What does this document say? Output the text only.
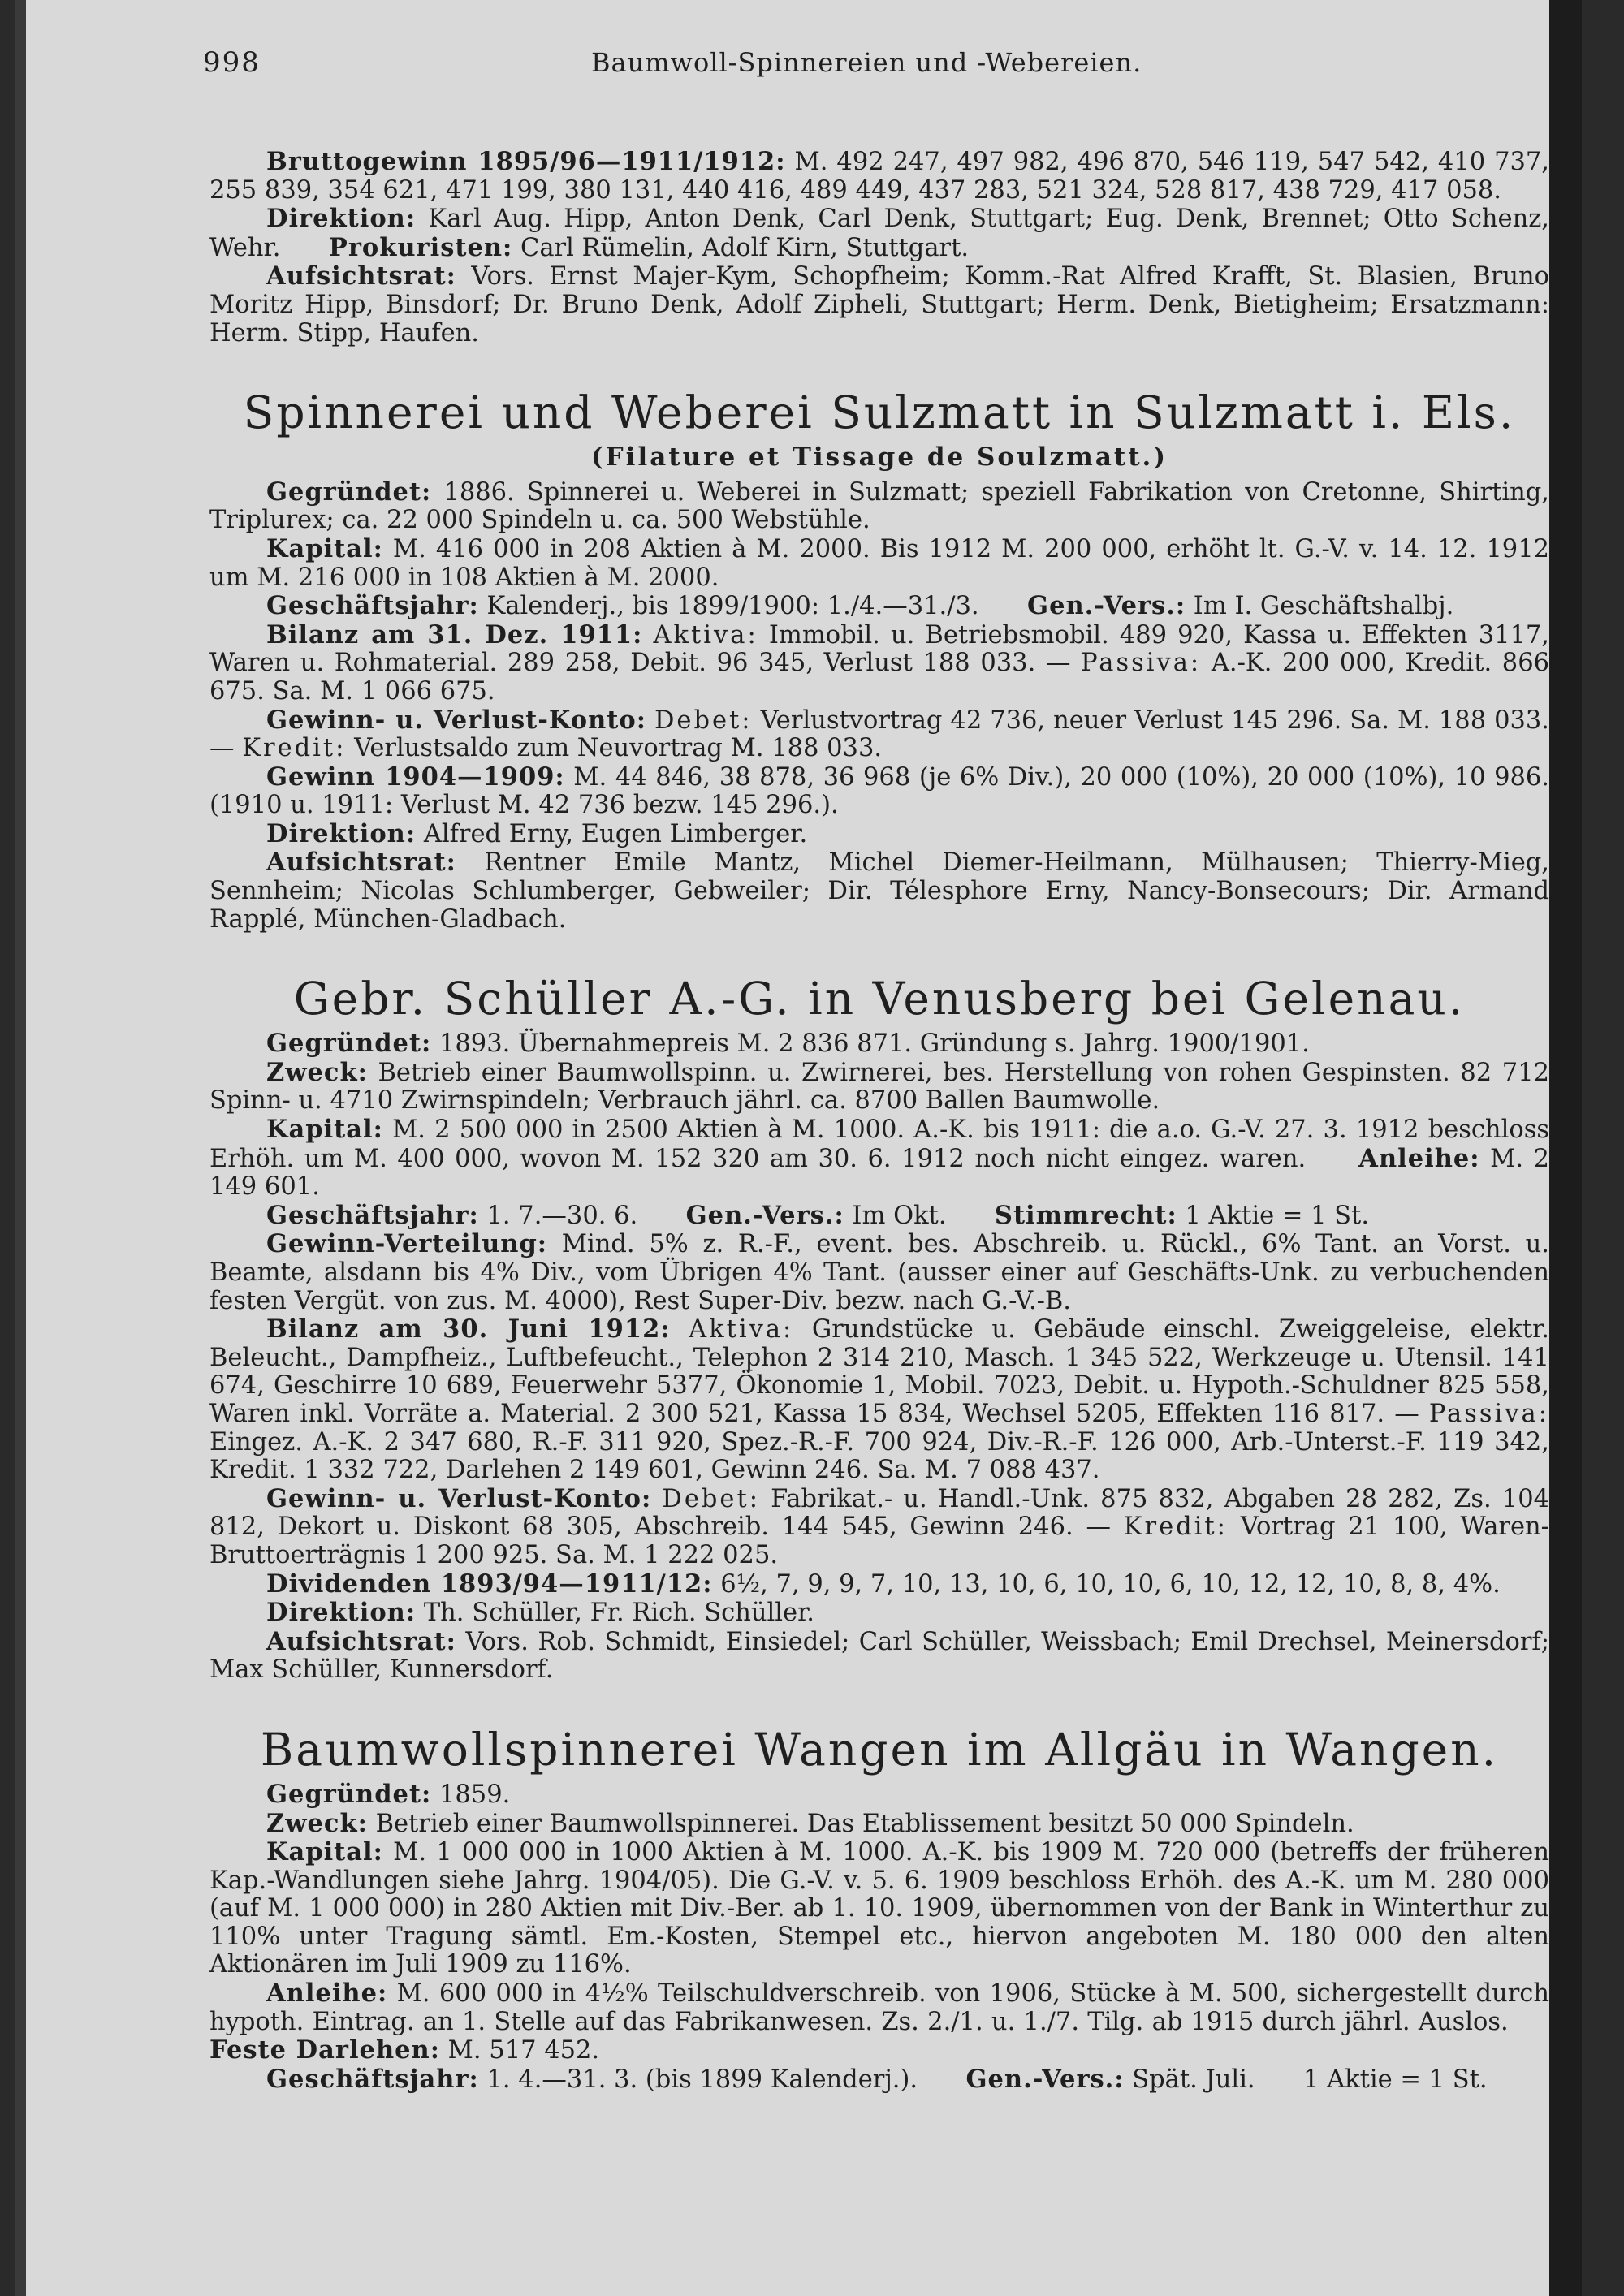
998	Baumwoll-Spinnereien und -Webereien.

Bruttogewinn 1895/96—1911/1912: M. 492 247, 497 982, 496 870, 546 119, 547 542, 410 737, 255 839, 354 621, 471 199, 380 131, 440 416, 489 449, 437 283, 521 324, 528 817, 438 729, 417 058.

Direktion: Karl Aug. Hipp, Anton Denk, Carl Denk, Stuttgart; Eug. Denk, Brennet; Otto Schenz, Wehr. Prokuristen: Carl Rümelin, Adolf Kirn, Stuttgart.

Aufsichtsrat: Vors. Ernst Majer-Kym, Schopfheim; Komm.-Rat Alfred Krafft, St. Blasien, Bruno Moritz Hipp, Binsdorf; Dr. Bruno Denk, Adolf Zipheli, Stuttgart; Herm. Denk, Bietigheim; Ersatzmann: Herm. Stipp, Haufen.

Spinnerei und Weberei Sulzmatt in Sulzmatt i. Els.
(Filature et Tissage de Soulzmatt.)

Gegründet: 1886. Spinnerei u. Weberei in Sulzmatt; speziell Fabrikation von Cretonne, Shirting, Triplurex; ca. 22 000 Spindeln u. ca. 500 Webstühle.

Kapital: M. 416 000 in 208 Aktien à M. 2000. Bis 1912 M. 200 000, erhöht lt. G.-V. v. 14. 12. 1912 um M. 216 000 in 108 Aktien à M. 2000.

Geschäftsjahr: Kalenderj., bis 1899/1900: 1./4.—31./3. Gen.-Vers.: Im I. Geschäftshalbj.

Bilanz am 31. Dez. 1911: Aktiva: Immobil. u. Betriebsmobil. 489 920, Kassa u. Effekten 3117, Waren u. Rohmaterial. 289 258, Debit. 96 345, Verlust 188 033. — Passiva: A.-K. 200 000, Kredit. 866 675. Sa. M. 1 066 675.

Gewinn- u. Verlust-Konto: Debet: Verlustvortrag 42 736, neuer Verlust 145 296. Sa. M. 188 033. — Kredit: Verlustsaldo zum Neuvortrag M. 188 033.

Gewinn 1904—1909: M. 44 846, 38 878, 36 968 (je 6% Div.), 20 000 (10%), 20 000 (10%), 10 986. (1910 u. 1911: Verlust M. 42 736 bezw. 145 296.).

Direktion: Alfred Erny, Eugen Limberger.

Aufsichtsrat: Rentner Emile Mantz, Michel Diemer-Heilmann, Mülhausen; Thierry-Mieg, Sennheim; Nicolas Schlumberger, Gebweiler; Dir. Télesphore Erny, Nancy-Bonsecours; Dir. Armand Rapplé, München-Gladbach.

Gebr. Schüller A.-G. in Venusberg bei Gelenau.

Gegründet: 1893. Übernahmepreis M. 2 836 871. Gründung s. Jahrg. 1900/1901.

Zweck: Betrieb einer Baumwollspinn. u. Zwirnerei, bes. Herstellung von rohen Gespinsten. 82 712 Spinn- u. 4710 Zwirnspindeln; Verbrauch jährl. ca. 8700 Ballen Baumwolle.

Kapital: M. 2 500 000 in 2500 Aktien à M. 1000. A.-K. bis 1911: die a.o. G.-V. 27. 3. 1912 beschloss Erhöh. um M. 400 000, wovon M. 152 320 am 30. 6. 1912 noch nicht eingez. waren. Anleihe: M. 2 149 601.

Geschäftsjahr: 1. 7.—30. 6. Gen.-Vers.: Im Okt. Stimmrecht: 1 Aktie = 1 St.

Gewinn-Verteilung: Mind. 5% z. R.-F., event. bes. Abschreib. u. Rückl., 6% Tant. an Vorst. u. Beamte, alsdann bis 4% Div., vom Übrigen 4% Tant. (ausser einer auf Geschäfts-Unk. zu verbuchenden festen Vergüt. von zus. M. 4000), Rest Super-Div. bezw. nach G.-V.-B.

Bilanz am 30. Juni 1912: Aktiva: Grundstücke u. Gebäude einschl. Zweiggeleise, elektr. Beleucht., Dampfheiz., Luftbefeucht., Telephon 2 314 210, Masch. 1 345 522, Werkzeuge u. Utensil. 141 674, Geschirre 10 689, Feuerwehr 5377, Ökonomie 1, Mobil. 7023, Debit. u. Hypoth.-Schuldner 825 558, Waren inkl. Vorräte a. Material. 2 300 521, Kassa 15 834, Wechsel 5205, Effekten 116 817. — Passiva: Eingez. A.-K. 2 347 680, R.-F. 311 920, Spez.-R.-F. 700 924, Div.-R.-F. 126 000, Arb.-Unterst.-F. 119 342, Kredit. 1 332 722, Darlehen 2 149 601, Gewinn 246. Sa. M. 7 088 437.

Gewinn- u. Verlust-Konto: Debet: Fabrikat.- u. Handl.-Unk. 875 832, Abgaben 28 282, Zs. 104 812, Dekort u. Diskont 68 305, Abschreib. 144 545, Gewinn 246. — Kredit: Vortrag 21 100, Waren-Bruttoerträgnis 1 200 925. Sa. M. 1 222 025.

Dividenden 1893/94—1911/12: 6½, 7, 9, 9, 7, 10, 13, 10, 6, 10, 10, 6, 10, 12, 12, 10, 8, 8, 4%.

Direktion: Th. Schüller, Fr. Rich. Schüller.

Aufsichtsrat: Vors. Rob. Schmidt, Einsiedel; Carl Schüller, Weissbach; Emil Drechsel, Meinersdorf; Max Schüller, Kunnersdorf.

Baumwollspinnerei Wangen im Allgäu in Wangen.

Gegründet: 1859.

Zweck: Betrieb einer Baumwollspinnerei. Das Etablissement besitzt 50 000 Spindeln.

Kapital: M. 1 000 000 in 1000 Aktien à M. 1000. A.-K. bis 1909 M. 720 000 (betreffs der früheren Kap.-Wandlungen siehe Jahrg. 1904/05). Die G.-V. v. 5. 6. 1909 beschloss Erhöh. des A.-K. um M. 280 000 (auf M. 1 000 000) in 280 Aktien mit Div.-Ber. ab 1. 10. 1909, übernommen von der Bank in Winterthur zu 110% unter Tragung sämtl. Em.-Kosten, Stempel etc., hiervon angeboten M. 180 000 den alten Aktionären im Juli 1909 zu 116%.

Anleihe: M. 600 000 in 4½% Teilschuldverschreib. von 1906, Stücke à M. 500, sichergestellt durch hypoth. Eintrag. an 1. Stelle auf das Fabrikanwesen. Zs. 2./1. u. 1./7. Tilg. ab 1915 durch jährl. Auslos.  Feste Darlehen: M. 517 452.

Geschäftsjahr: 1. 4.—31. 3. (bis 1899 Kalenderj.). Gen.-Vers.: Spät. Juli. 1 Aktie = 1 St.
